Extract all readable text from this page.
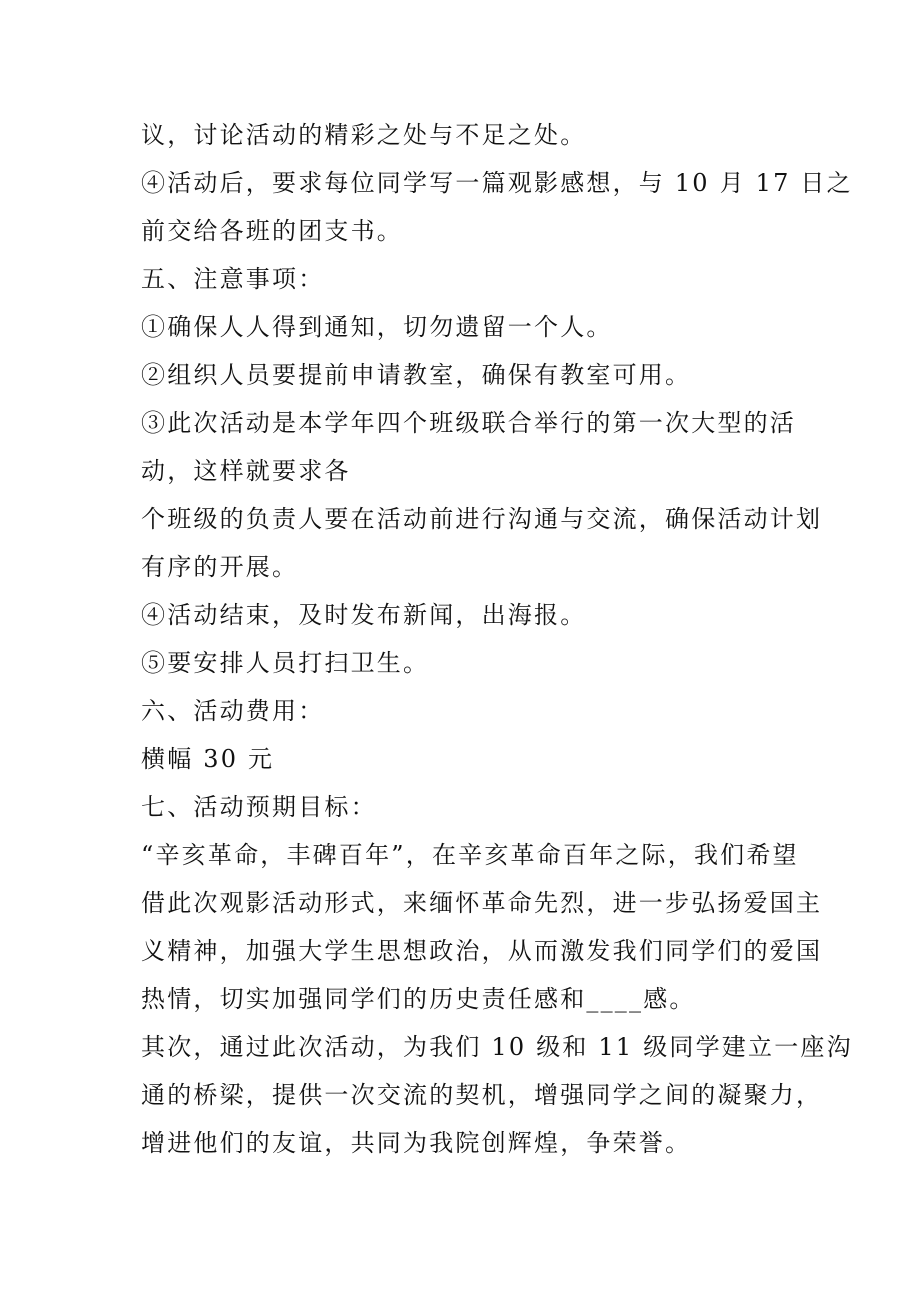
议，讨论活动的精彩之处与不足之处。
④活动后，要求每位同学写一篇观影感想，与 10 月 17 日之
前交给各班的团支书。
五、注意事项：
①确保人人得到通知，切勿遗留一个人。
②组织人员要提前申请教室，确保有教室可用。
③此次活动是本学年四个班级联合举行的第一次大型的活
动，这样就要求各
个班级的负责人要在活动前进行沟通与交流，确保活动计划
有序的开展。
④活动结束，及时发布新闻，出海报。
⑤要安排人员打扫卫生。
六、活动费用：
横幅 30 元
七、活动预期目标：
“辛亥革命，丰碑百年”，在辛亥革命百年之际，我们希望
借此次观影活动形式，来缅怀革命先烈，进一步弘扬爱国主
义精神，加强大学生思想政治，从而激发我们同学们的爱国
热情，切实加强同学们的历史责任感和____感。
其次，通过此次活动，为我们 10 级和 11 级同学建立一座沟
通的桥梁，提供一次交流的契机，增强同学之间的凝聚力，
增进他们的友谊，共同为我院创辉煌，争荣誉。
